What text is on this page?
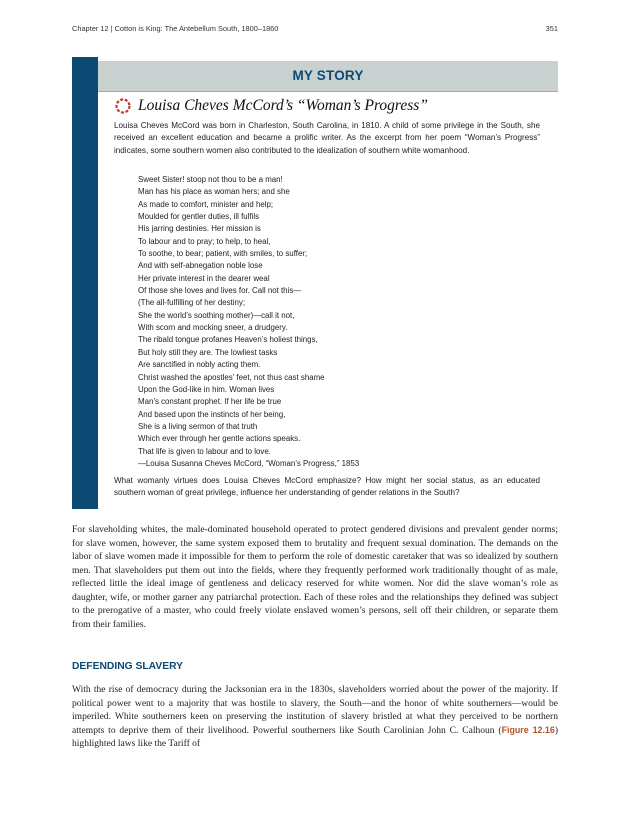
Chapter 12 | Cotton is King: The Antebellum South, 1800–1860	351
MY STORY
Louisa Cheves McCord’s “Woman’s Progress”
Louisa Cheves McCord was born in Charleston, South Carolina, in 1810. A child of some privilege in the South, she received an excellent education and became a prolific writer. As the excerpt from her poem “Woman’s Progress” indicates, some southern women also contributed to the idealization of southern white womanhood.
Sweet Sister! stoop not thou to be a man!
Man has his place as woman hers; and she
As made to comfort, minister and help;
Moulded for gentler duties, ill fulfils
His jarring destinies. Her mission is
To labour and to pray; to help, to heal,
To soothe, to bear; patient, with smiles, to suffer;
And with self-abnegation noble lose
Her private interest in the dearer weal
Of those she loves and lives for. Call not this—
(The all-fulfilling of her destiny;
She the world’s soothing mother)—call it not,
With scorn and mocking sneer, a drudgery.
The ribald tongue profanes Heaven’s holiest things,
But holy still they are. The lowliest tasks
Are sanctified in nobly acting them.
Christ washed the apostles’ feet, not thus cast shame
Upon the God-like in him. Woman lives
Man’s constant prophet. If her life be true
And based upon the instincts of her being,
She is a living sermon of that truth
Which ever through her gentle actions speaks.
That life is given to labour and to love.
—Louisa Susanna Cheves McCord, “Woman’s Progress,” 1853
What womanly virtues does Louisa Cheves McCord emphasize? How might her social status, as an educated southern woman of great privilege, influence her understanding of gender relations in the South?
For slaveholding whites, the male-dominated household operated to protect gendered divisions and prevalent gender norms; for slave women, however, the same system exposed them to brutality and frequent sexual domination. The demands on the labor of slave women made it impossible for them to perform the role of domestic caretaker that was so idealized by southern men. That slaveholders put them out into the fields, where they frequently performed work traditionally thought of as male, reflected little the ideal image of gentleness and delicacy reserved for white women. Nor did the slave woman’s role as daughter, wife, or mother garner any patriarchal protection. Each of these roles and the relationships they defined was subject to the prerogative of a master, who could freely violate enslaved women’s persons, sell off their children, or separate them from their families.
DEFENDING SLAVERY
With the rise of democracy during the Jacksonian era in the 1830s, slaveholders worried about the power of the majority. If political power went to a majority that was hostile to slavery, the South—and the honor of white southerners—would be imperiled. White southerners keen on preserving the institution of slavery bristled at what they perceived to be northern attempts to deprive them of their livelihood. Powerful southerners like South Carolinian John C. Calhoun (Figure 12.16) highlighted laws like the Tariff of
